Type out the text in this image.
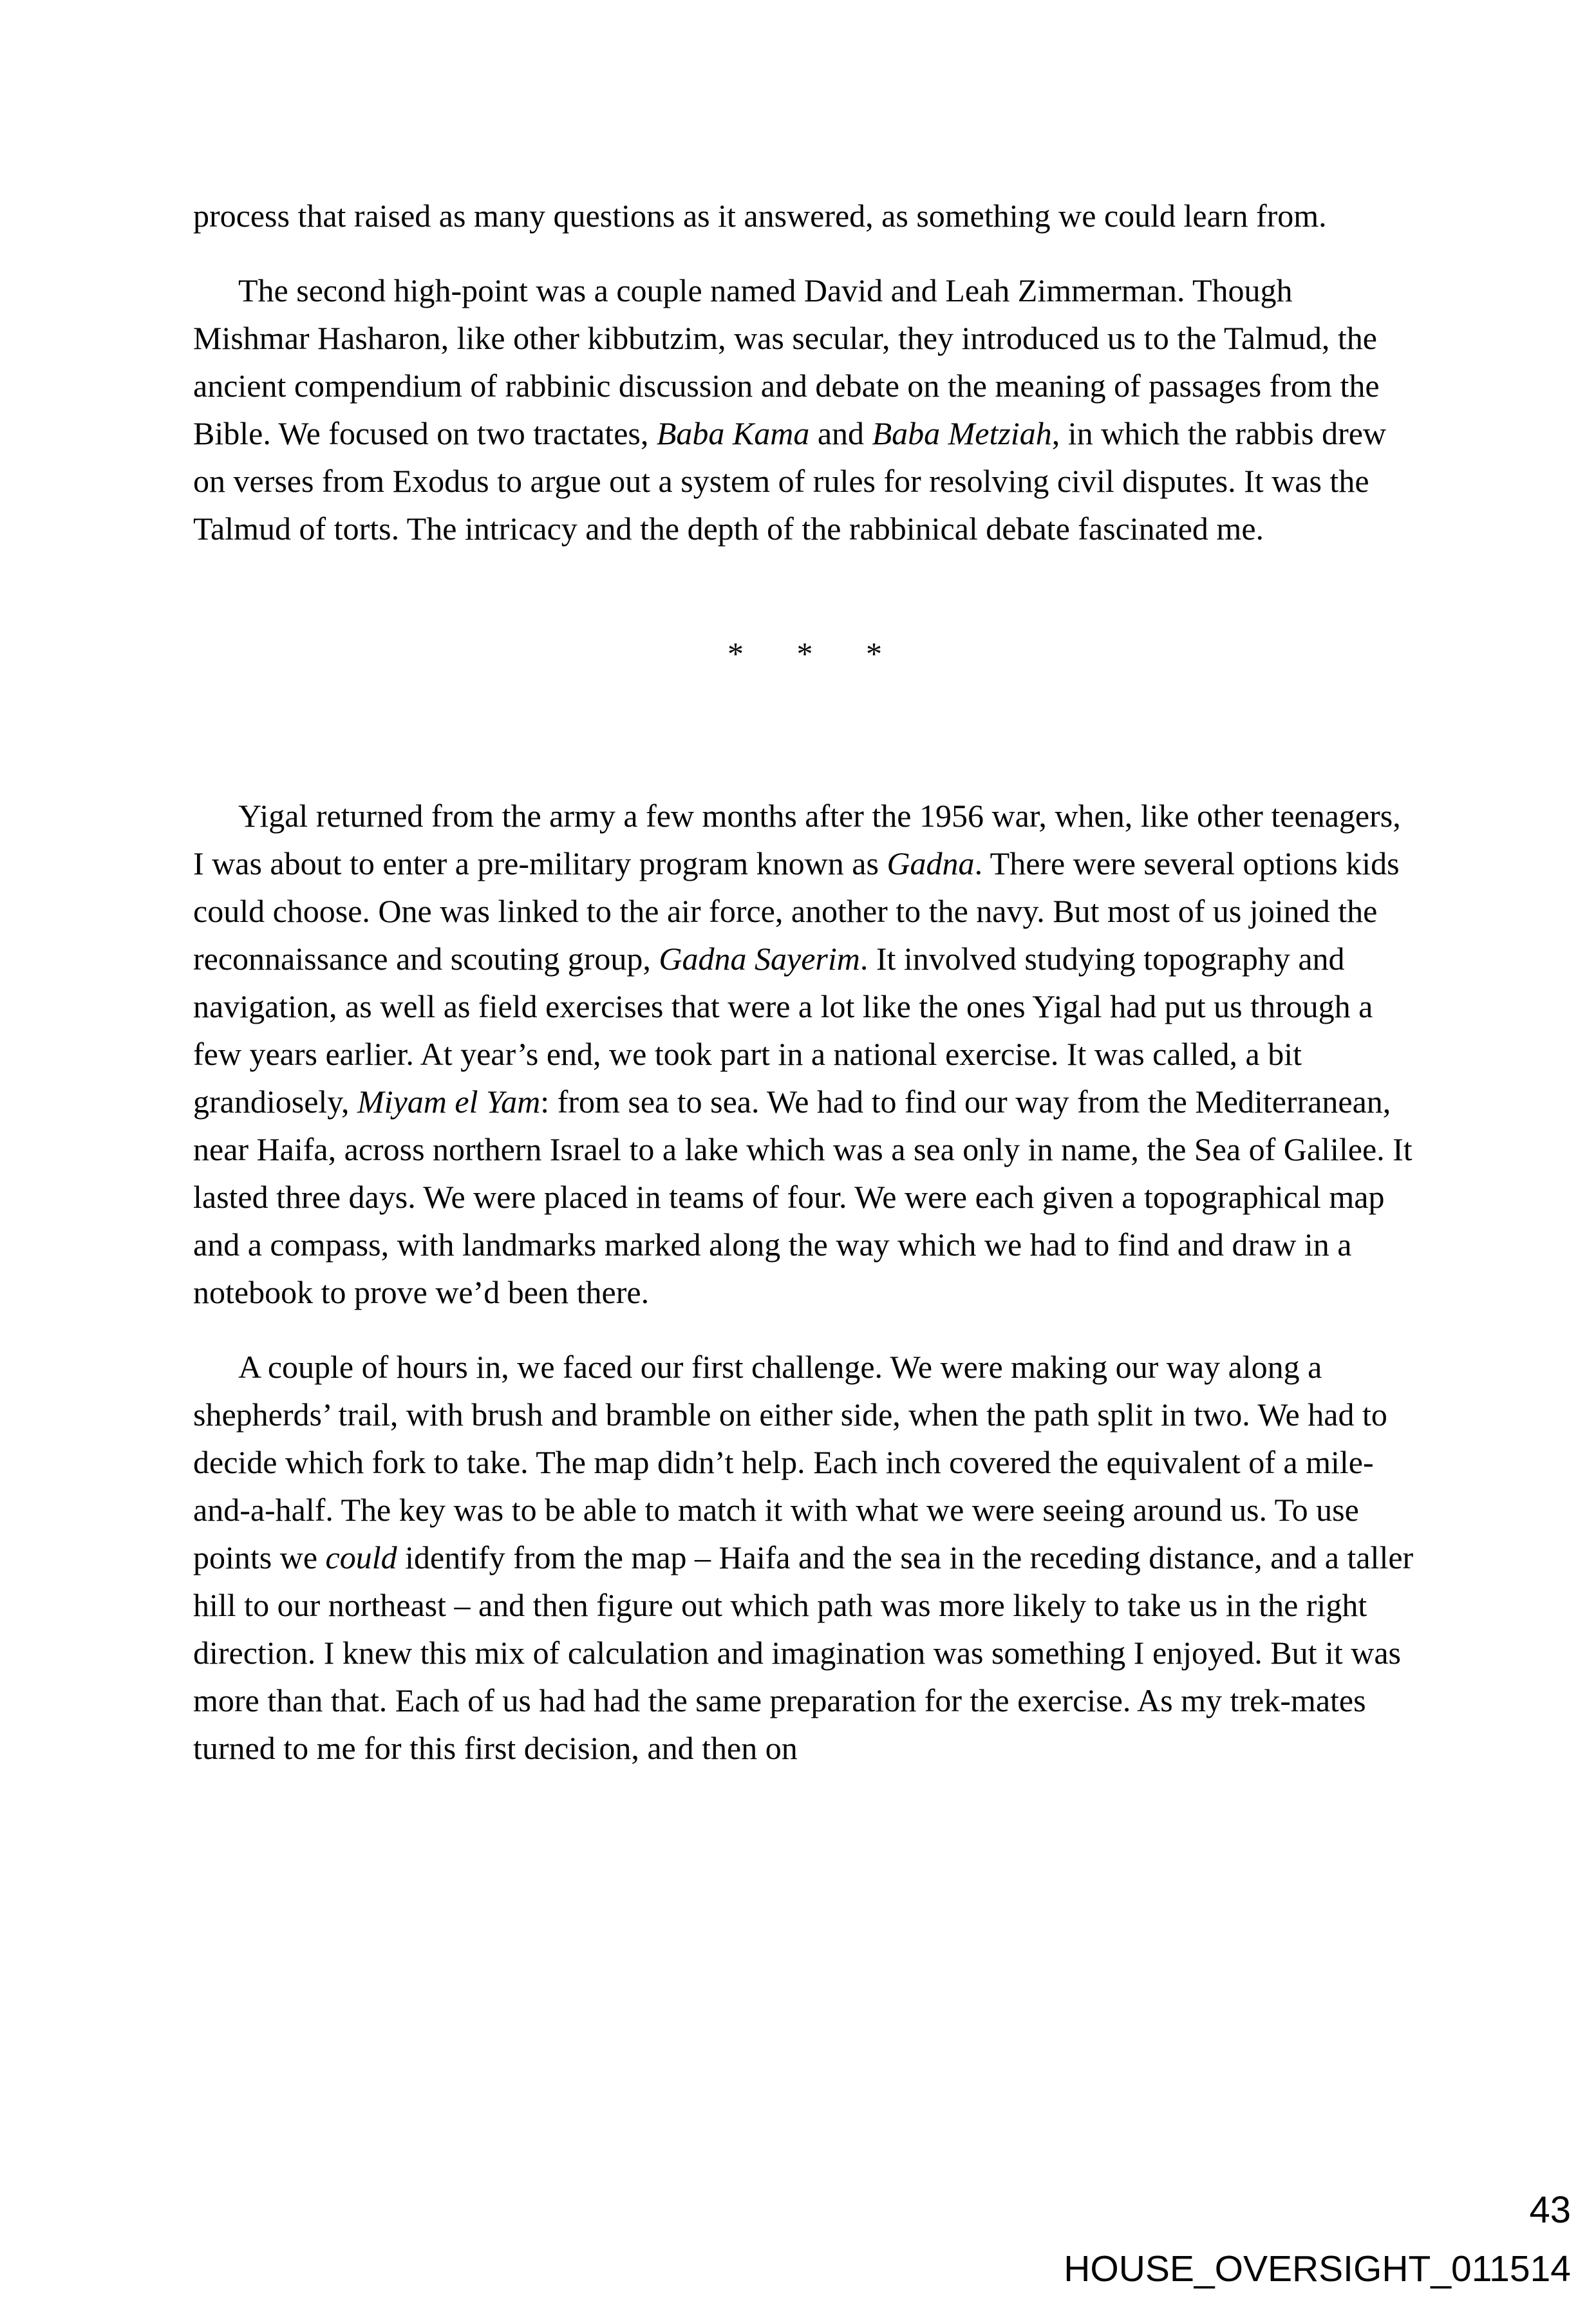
process that raised as many questions as it answered, as something we could learn from.

The second high-point was a couple named David and Leah Zimmerman. Though Mishmar Hasharon, like other kibbutzim, was secular, they introduced us to the Talmud, the ancient compendium of rabbinic discussion and debate on the meaning of passages from the Bible. We focused on two tractates, Baba Kama and Baba Metziah, in which the rabbis drew on verses from Exodus to argue out a system of rules for resolving civil disputes. It was the Talmud of torts. The intricacy and the depth of the rabbinical debate fascinated me.

* * *

Yigal returned from the army a few months after the 1956 war, when, like other teenagers, I was about to enter a pre-military program known as Gadna. There were several options kids could choose. One was linked to the air force, another to the navy. But most of us joined the reconnaissance and scouting group, Gadna Sayerim. It involved studying topography and navigation, as well as field exercises that were a lot like the ones Yigal had put us through a few years earlier. At year’s end, we took part in a national exercise. It was called, a bit grandiosely, Miyam el Yam: from sea to sea. We had to find our way from the Mediterranean, near Haifa, across northern Israel to a lake which was a sea only in name, the Sea of Galilee. It lasted three days. We were placed in teams of four. We were each given a topographical map and a compass, with landmarks marked along the way which we had to find and draw in a notebook to prove we’d been there.

A couple of hours in, we faced our first challenge. We were making our way along a shepherds’ trail, with brush and bramble on either side, when the path split in two. We had to decide which fork to take. The map didn’t help. Each inch covered the equivalent of a mile-and-a-half. The key was to be able to match it with what we were seeing around us. To use points we could identify from the map – Haifa and the sea in the receding distance, and a taller hill to our northeast – and then figure out which path was more likely to take us in the right direction. I knew this mix of calculation and imagination was something I enjoyed. But it was more than that. Each of us had had the same preparation for the exercise. As my trek-mates turned to me for this first decision, and then on

43
HOUSE_OVERSIGHT_011514
